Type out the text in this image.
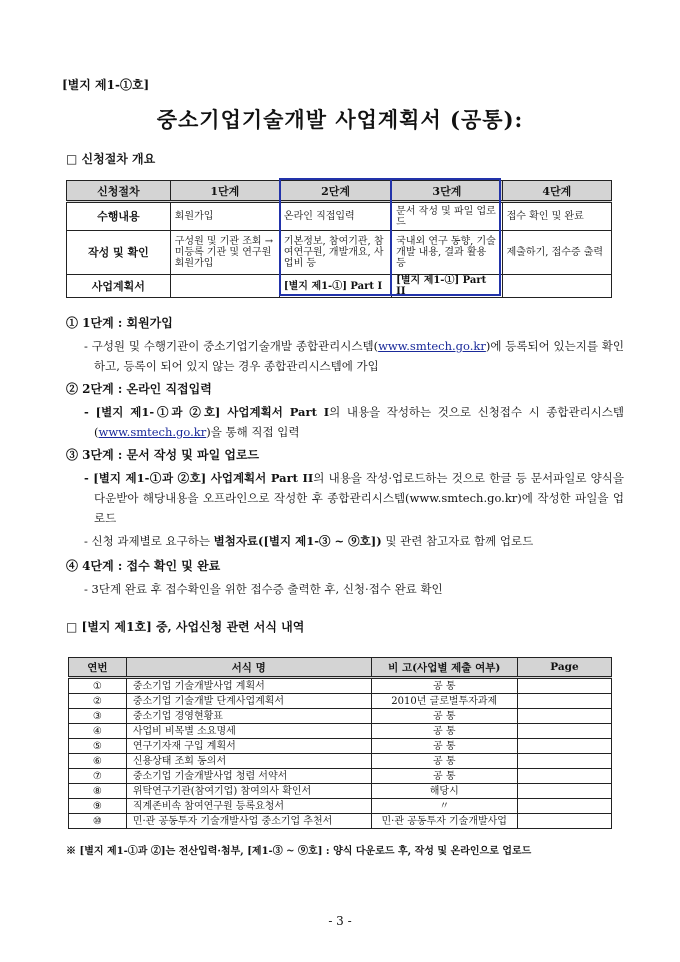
[별지 제1-①호]
중소기업기술개발 사업계획서 (공통):
□ 신청절차 개요
신청절차	1단계	2단계	3단계	4단계
수행내용	회원가입	온라인 직접입력	문서 작성 및 파일 업로드	접수 확인 및 완료
작성 및 확인	구성원 및 기관 조회 → 미등록 기관 및 연구원 회원가입	기본정보, 참여기관, 참여연구원, 개발개요, 사업비 등	국내외 연구 동향, 기술개발 내용, 결과 활용 등	제출하기, 접수증 출력
사업계획서		[별지 제1-①] Part I	[별지 제1-①] Part II	
① 1단계 : 회원가입
- 구성원 및 수행기관이 중소기업기술개발 종합관리시스템(www.smtech.go.kr)에 등록되어 있는지를 확인하고, 등록이 되어 있지 않는 경우 종합관리시스템에 가입
② 2단계 : 온라인 직접입력
- [별지 제1-①과 ②호] 사업계획서 Part I의 내용을 작성하는 것으로 신청접수 시 종합관리시스템(www.smtech.go.kr)을 통해 직접 입력
③ 3단계 : 문서 작성 및 파일 업로드
- [별지 제1-①과 ②호] 사업계획서 Part II의 내용을 작성·업로드하는 것으로 한글 등 문서파일로 양식을 다운받아 해당내용을 오프라인으로 작성한 후 종합관리시스템(www.smtech.go.kr)에 작성한 파일을 업로드
- 신청 과제별로 요구하는 별첨자료([별지 제1-③ ~ ⑨호]) 및 관련 참고자료 함께 업로드
④ 4단계 : 접수 확인 및 완료
- 3단계 완료 후 접수확인을 위한 접수증 출력한 후, 신청·접수 완료 확인
□ [별지 제1호] 중, 사업신청 관련 서식 내역
연번	서식 명	비 고(사업별 제출 여부)	Page
①	중소기업 기술개발사업 계획서	공 통	
②	중소기업 기술개발 단계사업계획서	2010년 글로벌투자과제	
③	중소기업 경영현황표	공 통	
④	사업비 비목별 소요명세	공 통	
⑤	연구기자재 구입 계획서	공 통	
⑥	신용상태 조회 동의서	공 통	
⑦	중소기업 기술개발사업 청렴 서약서	공 통	
⑧	위탁연구기관(참여기업) 참여의사 확인서	해당시	
⑨	직계존비속 참여연구원 등록요청서	〃	
⑩	민·관 공동투자 기술개발사업 중소기업 추천서	민·관 공동투자 기술개발사업	
※ [별지 제1-①과 ②]는 전산입력·첨부, [제1-③ ~ ⑨호] : 양식 다운로드 후, 작성 및 온라인으로 업로드
- 3 -
